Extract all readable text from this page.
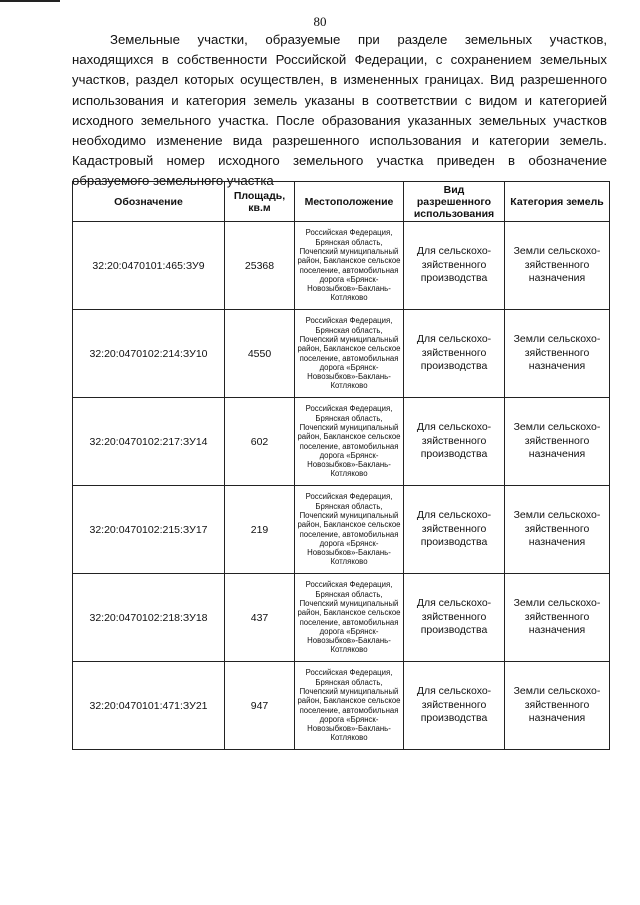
80

Земельные участки, образуемые при разделе земельных участков, находящихся в собственности Российской Федерации, с сохранением земельных участков, раздел которых осуществлен, в измененных границах. Вид разрешенного использования и категория земель указаны в соответствии с видом и категорией исходного земельного участка. После образования указанных земельных участков необходимо изменение вида разрешенного использования и категории земель. Кадастровый номер исходного земельного участка приведен в обозначение образуемого земельного участка

Обозначение	Площадь, кв.м	Местоположение	Вид разрешенного использования	Категория земель
32:20:0470101:465:ЗУ9	25368	Российская Федерация, Брянская область, Почепский муниципальный район, Бакланское сельское поселение, автомобильная дорога «Брянск-Новозыбков»-Баклань-Котляково	Для сельскохо-зяйственного производства	Земли сельскохо-зяйственного назначения
32:20:0470102:214:ЗУ10	4550	Российская Федерация, Брянская область, Почепский муниципальный район, Бакланское сельское поселение, автомобильная дорога «Брянск-Новозыбков»-Баклань-Котляково	Для сельскохо-зяйственного производства	Земли сельскохо-зяйственного назначения
32:20:0470102:217:ЗУ14	602	Российская Федерация, Брянская область, Почепский муниципальный район, Бакланское сельское поселение, автомобильная дорога «Брянск-Новозыбков»-Баклань-Котляково	Для сельскохо-зяйственного производства	Земли сельскохо-зяйственного назначения
32:20:0470102:215:ЗУ17	219	Российская Федерация, Брянская область, Почепский муниципальный район, Бакланское сельское поселение, автомобильная дорога «Брянск-Новозыбков»-Баклань-Котляково	Для сельскохо-зяйственного производства	Земли сельскохо-зяйственного назначения
32:20:0470102:218:ЗУ18	437	Российская Федерация, Брянская область, Почепский муниципальный район, Бакланское сельское поселение, автомобильная дорога «Брянск-Новозыбков»-Баклань-Котляково	Для сельскохо-зяйственного производства	Земли сельскохо-зяйственного назначения
32:20:0470101:471:ЗУ21	947	Российская Федерация, Брянская область, Почепский муниципальный район, Бакланское сельское поселение, автомобильная дорога «Брянск-Новозыбков»-Баклань-Котляково	Для сельскохо-зяйственного производства	Земли сельскохо-зяйственного назначения
